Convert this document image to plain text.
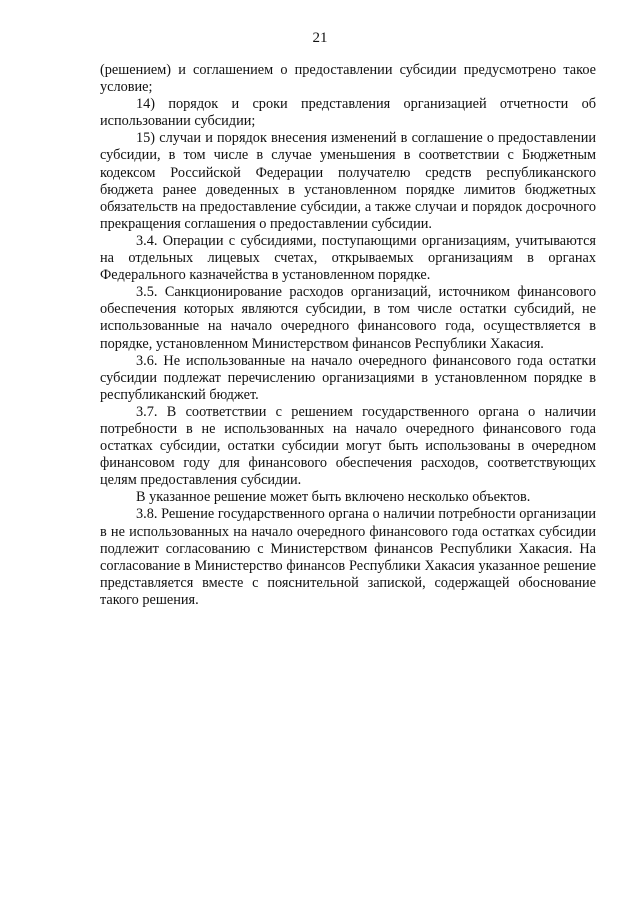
21

(решением) и соглашением о предоставлении субсидии предусмотрено такое условие;

14) порядок и сроки представления организацией отчетности об использовании субсидии;

15) случаи и порядок внесения изменений в соглашение о предоставлении субсидии, в том числе в случае уменьшения в соответствии с Бюджетным кодексом Российской Федерации получателю средств республиканского бюджета ранее доведенных в установленном порядке лимитов бюджетных обязательств на предоставление субсидии, а также случаи и порядок досрочного прекращения соглашения о предоставлении субсидии.

3.4. Операции с субсидиями, поступающими организациям, учитываются на отдельных лицевых счетах, открываемых организациям в органах Федерального казначейства в установленном порядке.

3.5. Санкционирование расходов организаций, источником финансового обеспечения которых являются субсидии, в том числе остатки субсидий, не использованные на начало очередного финансового года, осуществляется в порядке, установленном Министерством финансов Республики Хакасия.

3.6. Не использованные на начало очередного финансового года остатки субсидии подлежат перечислению организациями в установленном порядке в республиканский бюджет.

3.7. В соответствии с решением государственного органа о наличии потребности в не использованных на начало очередного финансового года остатках субсидии, остатки субсидии могут быть использованы в очередном финансовом году для финансового обеспечения расходов, соответствующих целям предоставления субсидии.

В указанное решение может быть включено несколько объектов.

3.8. Решение государственного органа о наличии потребности организации в не использованных на начало очередного финансового года остатках субсидии подлежит согласованию с Министерством финансов Республики Хакасия. На согласование в Министерство финансов Республики Хакасия указанное решение представляется вместе с пояснительной запиской, содержащей обоснование такого решения.
